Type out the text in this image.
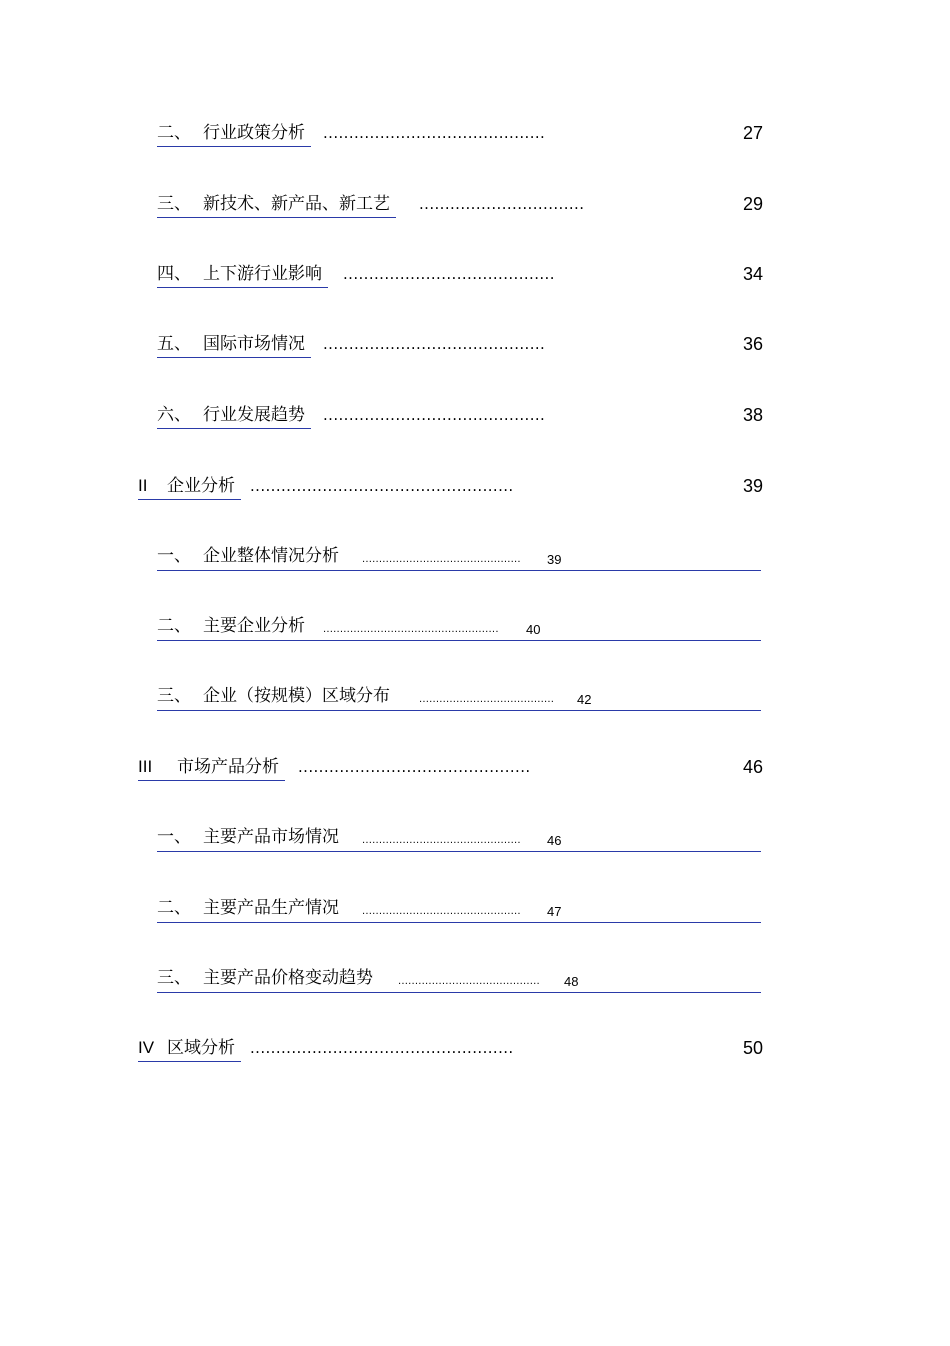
二、 行业政策分析	...........................................	27
三、 新技术、新产品、新工艺	................................	29
四、 上下游行业影响	.........................................	34
五、 国际市场情况	...........................................	36
六、 行业发展趋势	...........................................	38
II 企业分析	...................................................	39
一、 企业整体情况分析	............................................... 39
二、 主要企业分析	.................................................... 40
三、 企业（按规模）区域分布	........................................ 42
III 市场产品分析	.............................................	46
一、 主要产品市场情况	............................................... 46
二、 主要产品生产情况	............................................... 47
三、 主要产品价格变动趋势	.......................................... 48
IV 区域分析	...................................................	50
